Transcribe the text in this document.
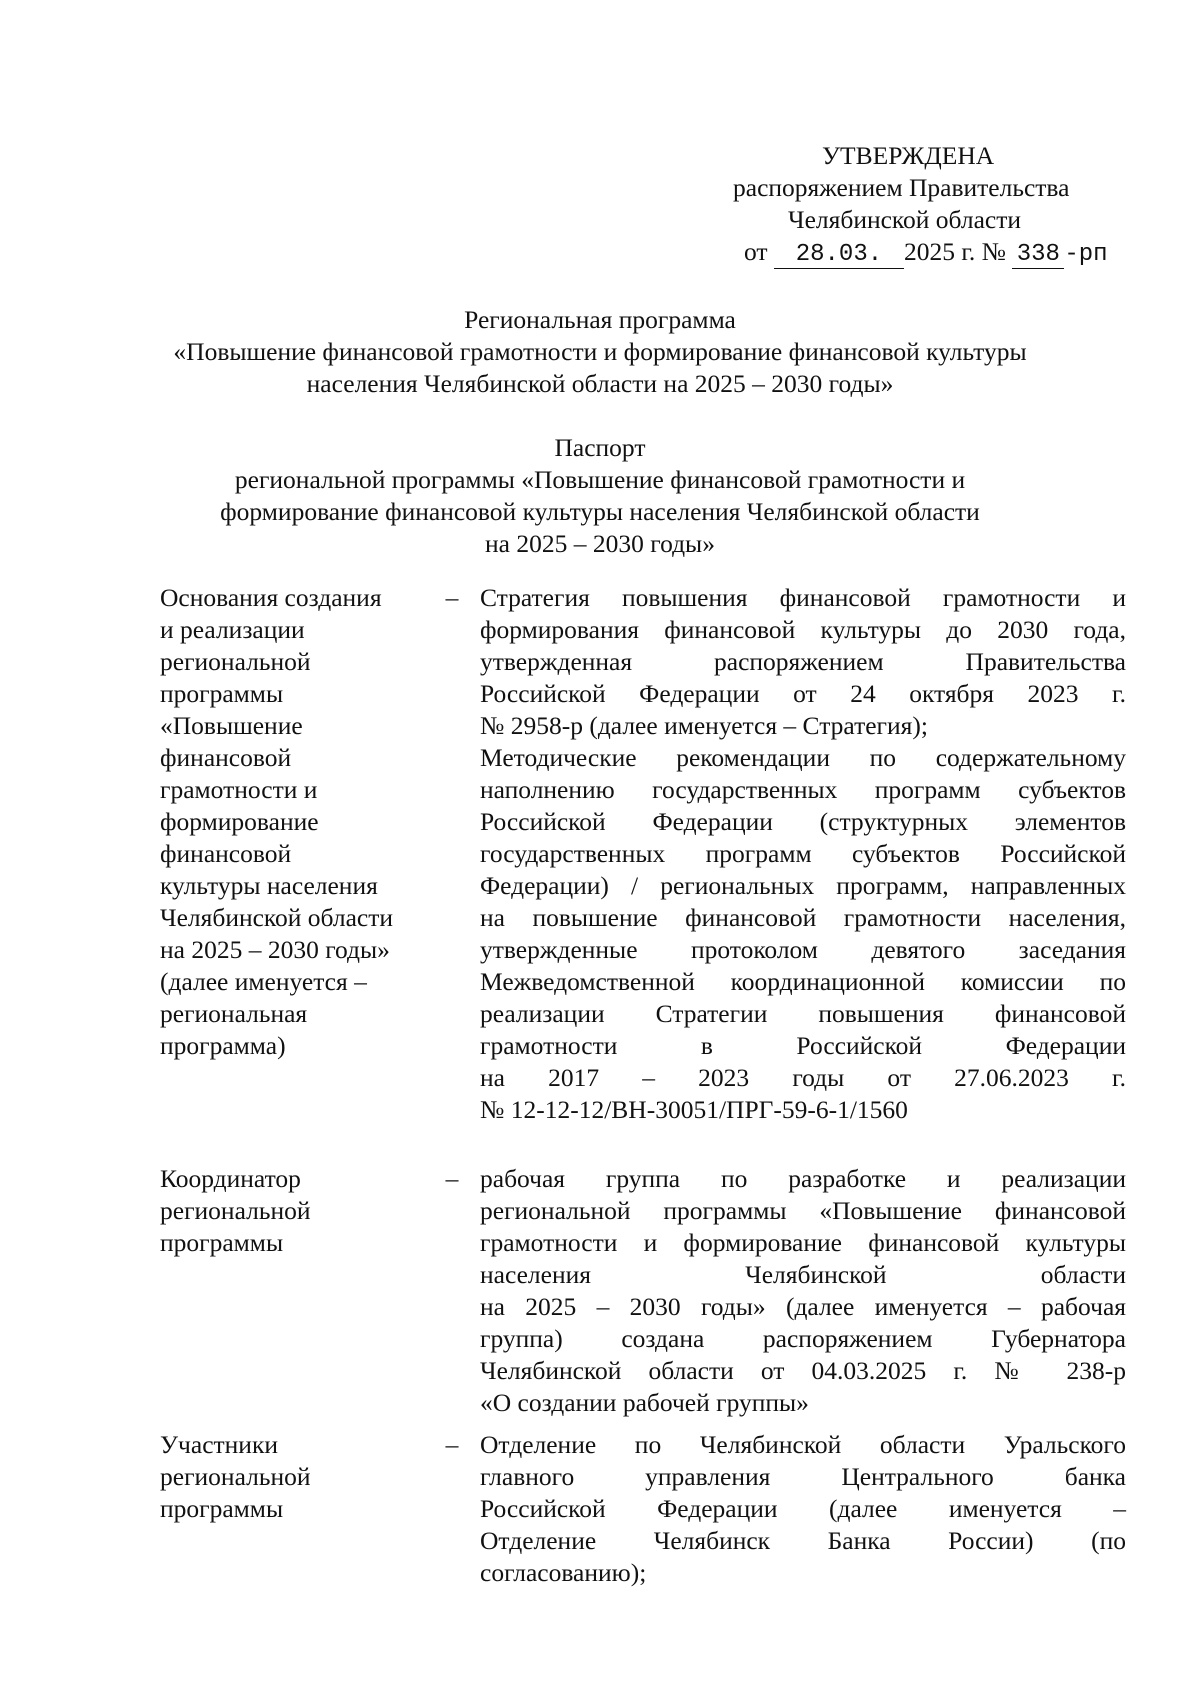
УТВЕРЖДЕНА
распоряжением Правительства
Челябинской области
от 28.03. 2025 г. № 338 -рп
Региональная программа
«Повышение финансовой грамотности и формирование финансовой культуры
населения Челябинской области на 2025 – 2030 годы»
Паспорт
региональной программы «Повышение финансовой грамотности и
формирование финансовой культуры населения Челябинской области
на 2025 – 2030 годы»
Основания создания
и реализации
региональной
программы
«Повышение
финансовой
грамотности и
формирование
финансовой
культуры населения
Челябинской области
на 2025 – 2030 годы»
(далее именуется –
региональная
программа)
– Стратегия повышения финансовой грамотности и
формирования финансовой культуры до 2030 года,
утвержденная распоряжением Правительства
Российской Федерации от 24 октября 2023 г.
№ 2958-р (далее именуется – Стратегия);
Методические рекомендации по содержательному
наполнению государственных программ субъектов
Российской Федерации (структурных элементов
государственных программ субъектов Российской
Федерации) / региональных программ, направленных
на повышение финансовой грамотности населения,
утвержденные протоколом девятого заседания
Межведомственной координационной комиссии по
реализации Стратегии повышения финансовой
грамотности в Российской Федерации
на 2017 – 2023 годы от 27.06.2023 г.
№ 12-12-12/ВН-30051/ПРГ-59-6-1/1560
Координатор
региональной
программы
– рабочая группа по разработке и реализации
региональной программы «Повышение финансовой
грамотности и формирование финансовой культуры
населения Челябинской области
на 2025 – 2030 годы» (далее именуется – рабочая
группа) создана распоряжением Губернатора
Челябинской области от 04.03.2025 г. № 238-р
«О создании рабочей группы»
Участники
региональной
программы
– Отделение по Челябинской области Уральского
главного управления Центрального банка
Российской Федерации (далее именуется –
Отделение Челябинск Банка России) (по
согласованию);
